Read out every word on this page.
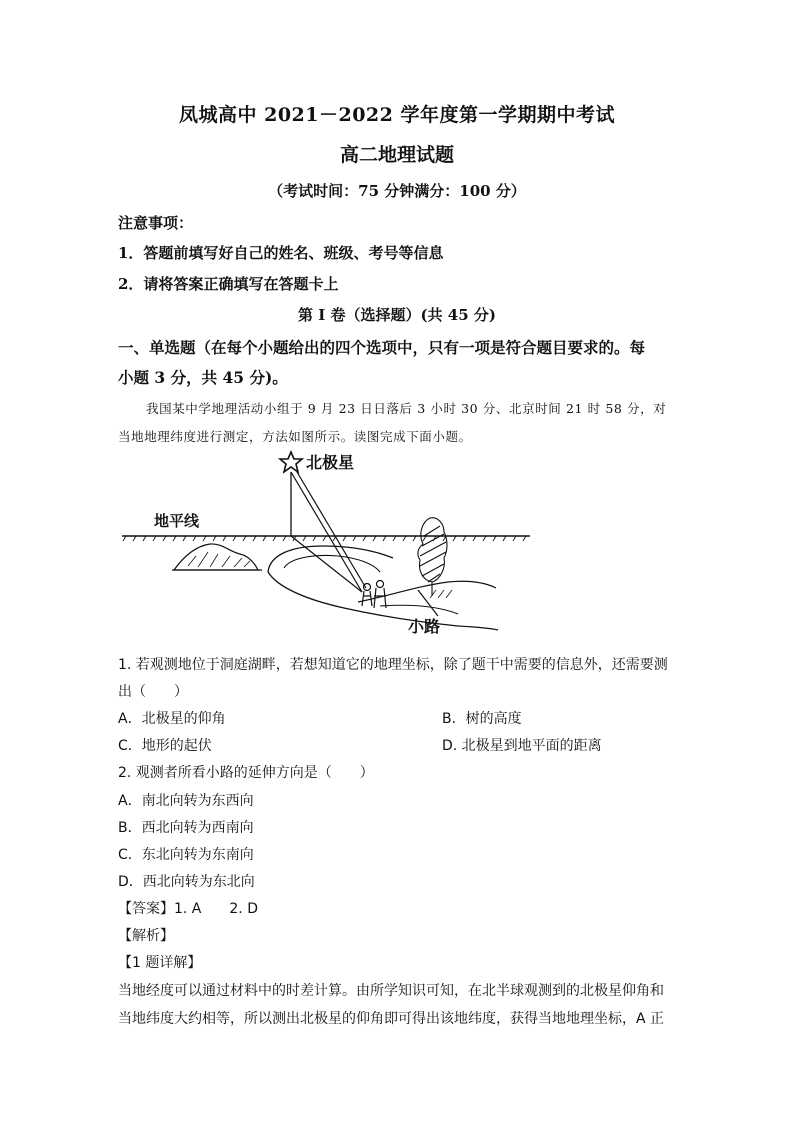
凤城高中 2021－2022 学年度第一学期期中考试
高二地理试题
（考试时间：75 分钟满分：100 分）
注意事项：
1．答题前填写好自己的姓名、班级、考号等信息
2．请将答案正确填写在答题卡上
第 I 卷（选择题）(共 45 分)
一、单选题（在每个小题给出的四个选项中，只有一项是符合题目要求的。每
小题 3 分，共 45 分)。
我国某中学地理活动小组于 9 月 23 日日落后 3 小时 30 分、北京时间 21 时 58 分，对
当地地理纬度进行测定，方法如图所示。读图完成下面小题。
北极星
地平线
小路
1. 若观测地位于洞庭湖畔，若想知道它的地理坐标，除了题干中需要的信息外，还需要测
出（　　）
A．北极星的仰角	B．树的高度
C．地形的起伏	D. 北极星到地平面的距离
2. 观测者所看小路的延伸方向是（　　）
A．南北向转为东西向
B．西北向转为西南向
C．东北向转为东南向
D．西北向转为东北向
【答案】1. A　　2. D
【解析】
【1 题详解】
当地经度可以通过材料中的时差计算。由所学知识可知，在北半球观测到的北极星仰角和
当地纬度大约相等，所以测出北极星的仰角即可得出该地纬度，获得当地地理坐标，A 正
